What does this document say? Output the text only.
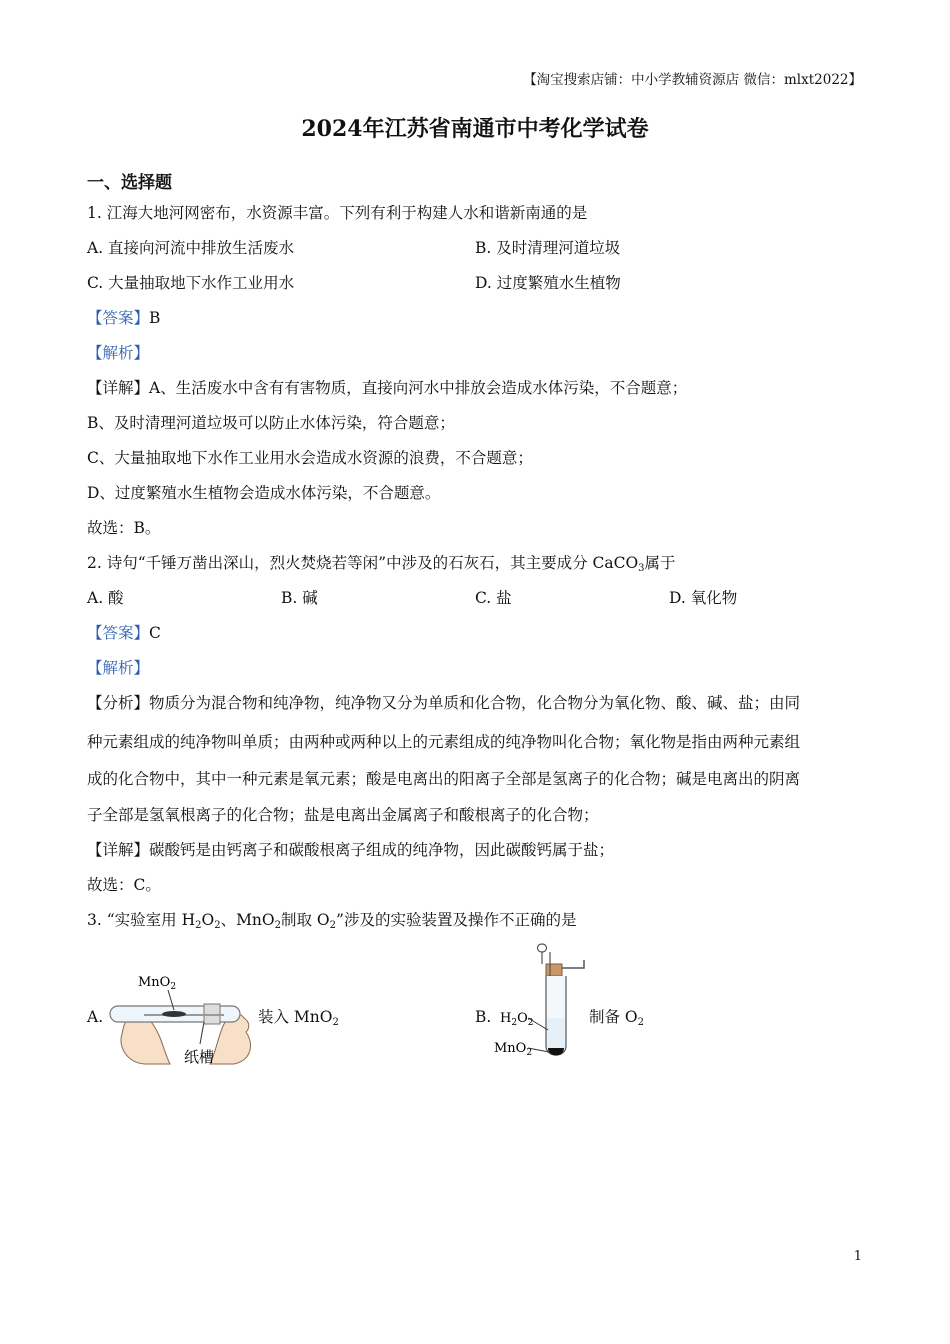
【淘宝搜索店铺：中小学教辅资源店 微信：mlxt2022】
2024年江苏省南通市中考化学试卷
一、选择题
1. 江海大地河网密布，水资源丰富。下列有利于构建人水和谐新南通的是
A. 直接向河流中排放生活废水	B. 及时清理河道垃圾
C. 大量抽取地下水作工业用水	D. 过度繁殖水生植物
【答案】B
【解析】
【详解】A、生活废水中含有有害物质，直接向河水中排放会造成水体污染，不合题意；
B、及时清理河道垃圾可以防止水体污染，符合题意；
C、大量抽取地下水作工业用水会造成水资源的浪费，不合题意；
D、过度繁殖水生植物会造成水体污染，不合题意。
故选：B。
2. 诗句“千锤万凿出深山，烈火焚烧若等闲”中涉及的石灰石，其主要成分 CaCO$_3$属于
A. 酸	B. 碱	C. 盐	D. 氧化物
【答案】C
【解析】
【分析】物质分为混合物和纯净物，纯净物又分为单质和化合物，化合物分为氧化物、酸、碱、盐；由同
种元素组成的纯净物叫单质；由两种或两种以上的元素组成的纯净物叫化合物；氧化物是指由两种元素组
成的化合物中，其中一种元素是氧元素；酸是电离出的阳离子全部是氢离子的化合物；碱是电离出的阴离
子全部是氢氧根离子的化合物；盐是电离出金属离子和酸根离子的化合物；
【详解】碳酸钙是由钙离子和碳酸根离子组成的纯净物，因此碳酸钙属于盐；
故选：C。
3. “实验室用 $H_2O_2$、MnO$_2$制取 $O_2$”涉及的实验装置及操作不正确的是
A.
MnO$_2$
纸槽
装入 MnO$_2$	B. $H_2O_2$
MnO$_2$
制备 $O_2$
1
